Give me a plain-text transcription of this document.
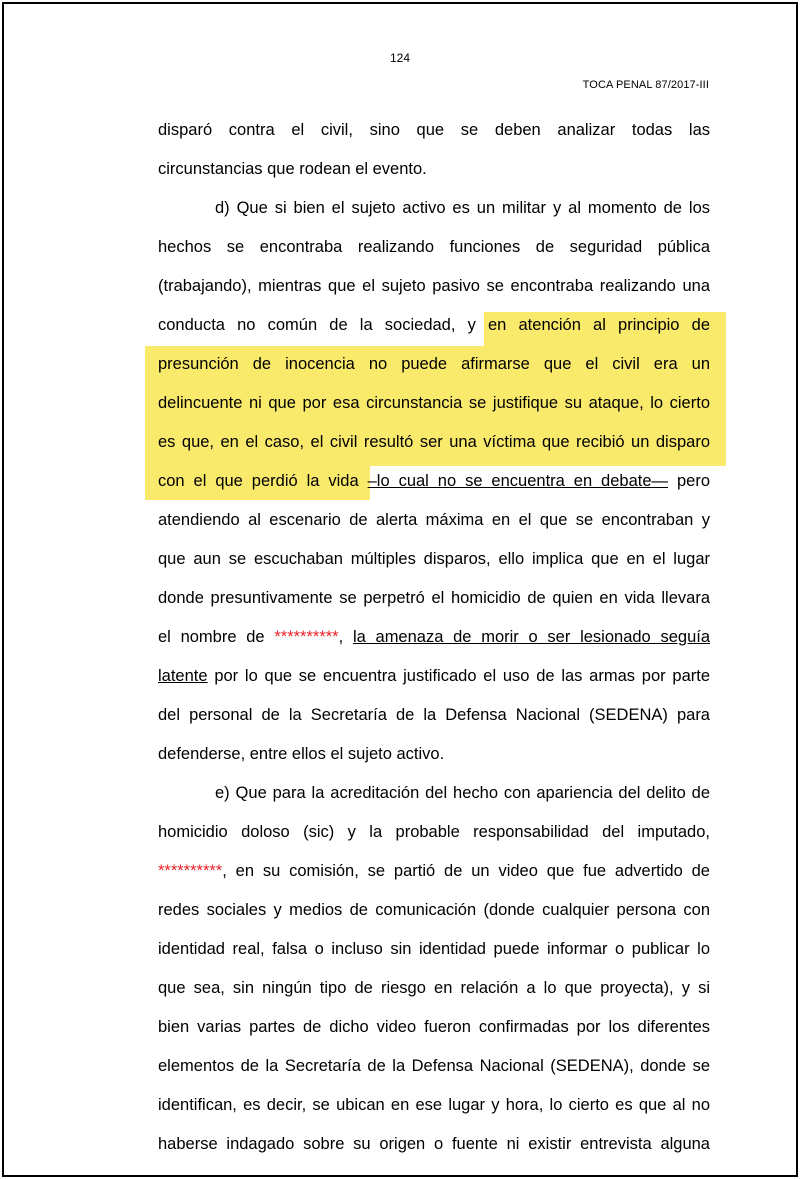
124
TOCA PENAL 87/2017-III
disparó contra el civil, sino que se deben analizar todas las
circunstancias que rodean el evento.
d) Que si bien el sujeto activo es un militar y al momento de los
hechos se encontraba realizando funciones de seguridad pública
(trabajando), mientras que el sujeto pasivo se encontraba realizando una
conducta no común de la sociedad, y en atención al principio de
presunción de inocencia no puede afirmarse que el civil era un
delincuente ni que por esa circunstancia se justifique su ataque, lo cierto
es que, en el caso, el civil resultó ser una víctima que recibió un disparo
con el que perdió la vida –lo cual no se encuentra en debate— pero
atendiendo al escenario de alerta máxima en el que se encontraban y
que aun se escuchaban múltiples disparos, ello implica que en el lugar
donde presuntivamente se perpetró el homicidio de quien en vida llevara
el nombre de **********, la amenaza de morir o ser lesionado seguía
latente por lo que se encuentra justificado el uso de las armas por parte
del personal de la Secretaría de la Defensa Nacional (SEDENA) para
defenderse, entre ellos el sujeto activo.
e) Que para la acreditación del hecho con apariencia del delito de
homicidio doloso (sic) y la probable responsabilidad del imputado,
**********, en su comisión, se partió de un video que fue advertido de
redes sociales y medios de comunicación (donde cualquier persona con
identidad real, falsa o incluso sin identidad puede informar o publicar lo
que sea, sin ningún tipo de riesgo en relación a lo que proyecta), y si
bien varias partes de dicho video fueron confirmadas por los diferentes
elementos de la Secretaría de la Defensa Nacional (SEDENA), donde se
identifican, es decir, se ubican en ese lugar y hora, lo cierto es que al no
haberse indagado sobre su origen o fuente ni existir entrevista alguna
